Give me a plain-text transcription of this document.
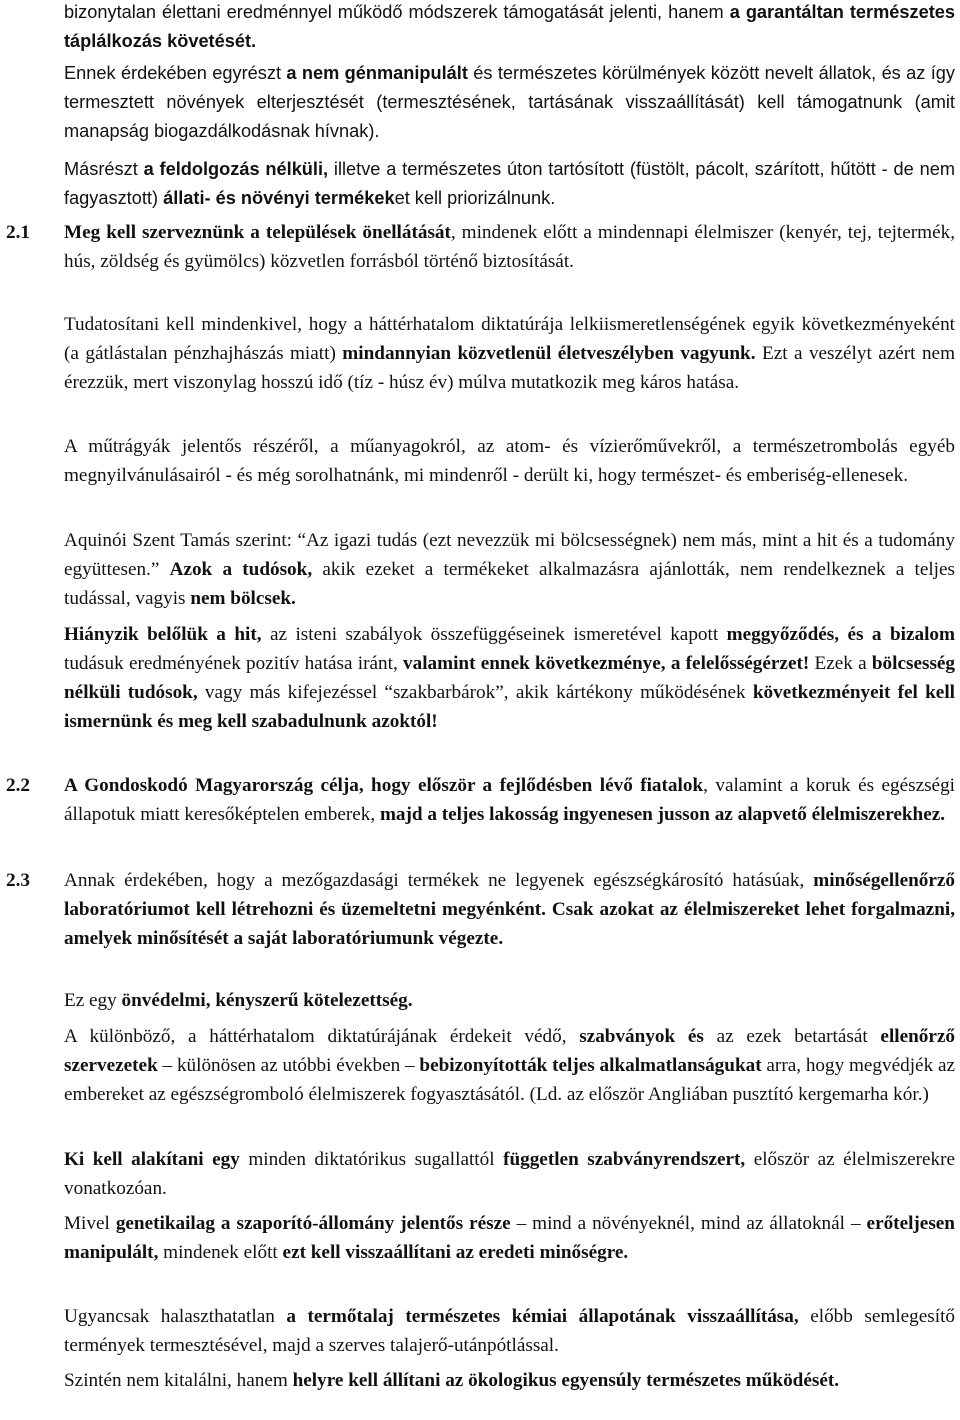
bizonytalan élettani eredménnyel működő módszerek támogatását jelenti, hanem a garantáltan természetes táplálkozás követését.

Ennek érdekében egyrészt a nem génmanipulált és természetes körülmények között nevelt állatok, és az így termesztett növények elterjesztését (termesztésének, tartásának visszaállítását) kell támogatnunk (amit manapság biogazdálkodásnak hívnak).

Másrészt a feldolgozás nélküli, illetve a természetes úton tartósított (füstölt, pácolt, szárított, hűtött - de nem fagyasztott) állati- és növényi termékeket kell priorizálnunk.

2.1 Meg kell szerveznünk a települések önellátását, mindenek előtt a mindennapi élelmiszer (kenyér, tej, tejtermék, hús, zöldség és gyümölcs) közvetlen forrásból történő biztosítását.

Tudatosítani kell mindenkivel, hogy a háttérhatalom diktatúrája lelkiismeretlenségének egyik következményeként (a gátlástalan pénzhajhászás miatt) mindannyian közvetlenül életveszélyben vagyunk. Ezt a veszélyt azért nem érezzük, mert viszonylag hosszú idő (tíz - húsz év) múlva mutatkozik meg káros hatása.

A műtrágyák jelentős részéről, a műanyagokról, az atom- és vízierőművekről, a természetrombolás egyéb megnyilvánulásairól - és még sorolhatnánk, mi mindenről - derült ki, hogy természet- és emberiség-ellenesek.

Aquinói Szent Tamás szerint: “Az igazi tudás (ezt nevezzük mi bölcsességnek) nem más, mint a hit és a tudomány együttesen.” Azok a tudósok, akik ezeket a termékeket alkalmazásra ajánlották, nem rendelkeznek a teljes tudással, vagyis nem bölcsek.

Hiányzik belőlük a hit, az isteni szabályok összefüggéseinek ismeretével kapott meggyőződés, és a bizalom tudásuk eredményének pozitív hatása iránt, valamint ennek következménye, a felelősségérzet! Ezek a bölcsesség nélküli tudósok, vagy más kifejezéssel “szakbarbárok”, akik kártékony működésének következményeit fel kell ismernünk és meg kell szabadulnunk azoktól!

2.2 A Gondoskodó Magyarország célja, hogy először a fejlődésben lévő fiatalok, valamint a koruk és egészségi állapotuk miatt keresőképtelen emberek, majd a teljes lakosság ingyenesen jusson az alapvető élelmiszerekhez.

2.3 Annak érdekében, hogy a mezőgazdasági termékek ne legyenek egészségkárosító hatásúak, minőségellenőrző laboratóriumot kell létrehozni és üzemeltetni megyénként. Csak azokat az élelmiszereket lehet forgalmazni, amelyek minősítését a saját laboratóriumunk végezte.

Ez egy önvédelmi, kényszerű kötelezettség.

A különböző, a háttérhatalom diktatúrájának érdekeit védő, szabványok és az ezek betartását ellenőrző szervezetek – különösen az utóbbi években – bebizonyították teljes alkalmatlanságukat arra, hogy megvédjék az embereket az egészségromboló élelmiszerek fogyasztásától. (Ld. az először Angliában pusztító kergemarha kór.)

Ki kell alakítani egy minden diktatórikus sugallattól független szabványrendszert, először az élelmiszerekre vonatkozóan.

Mivel genetikailag a szaporító-állomány jelentős része – mind a növényeknél, mind az állatoknál – erőteljesen manipulált, mindenek előtt ezt kell visszaállítani az eredeti minőségre.

Ugyancsak halaszthatatlan a termőtalaj természetes kémiai állapotának visszaállítása, előbb semlegesítő termények termesztésével, majd a szerves talajerő-utánpótlással.

Szintén nem kitalálni, hanem helyre kell állítani az ökologikus egyensúly természetes működését.
